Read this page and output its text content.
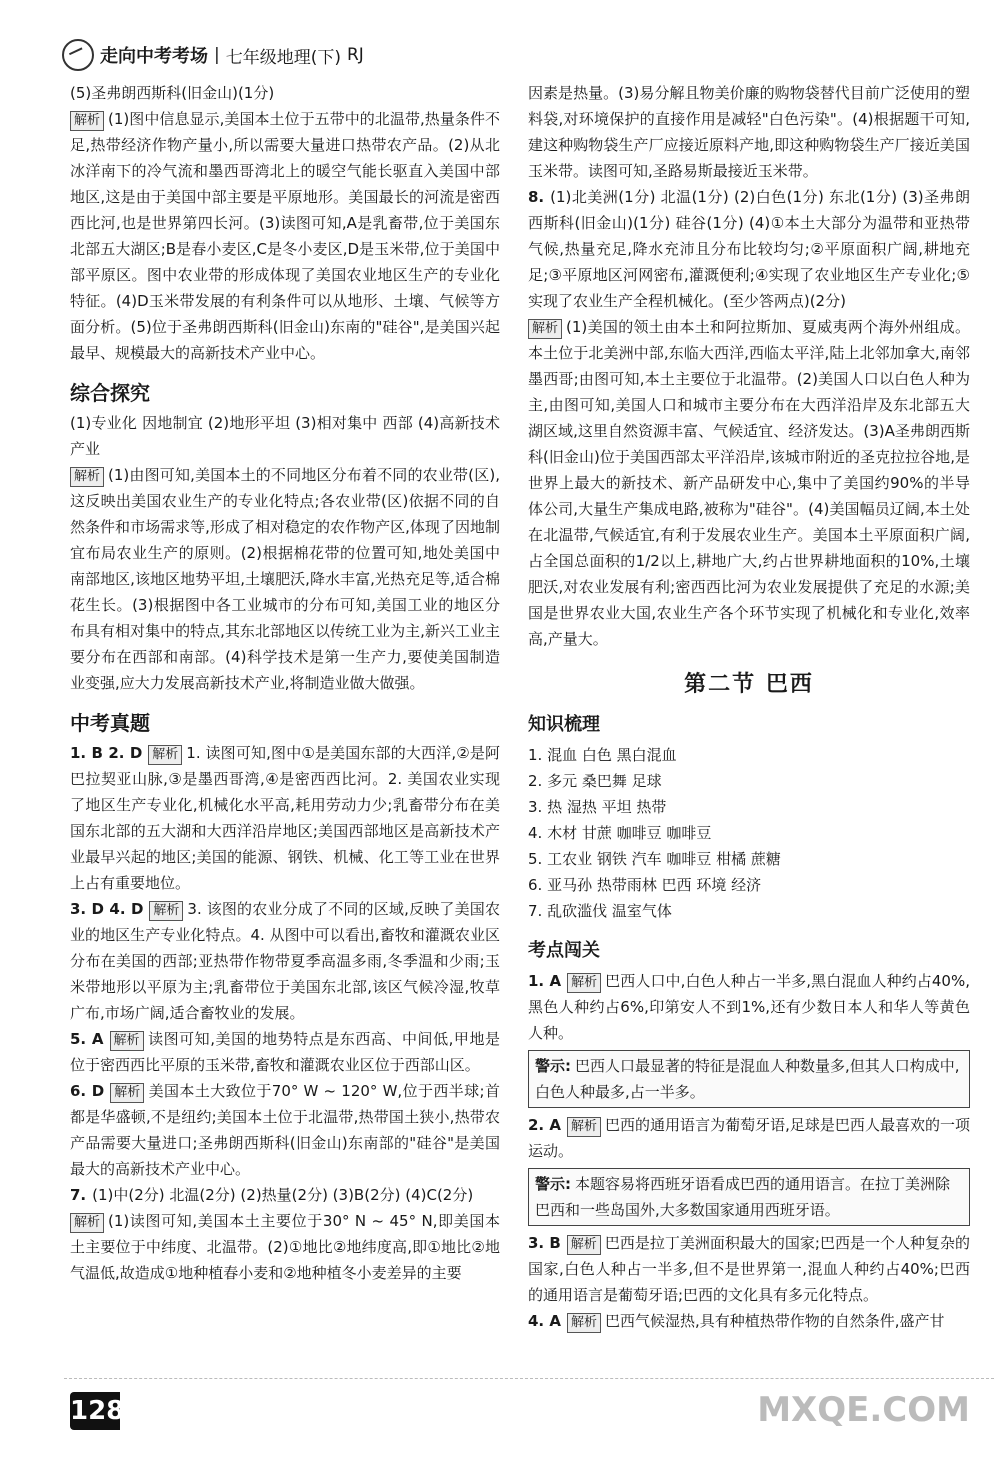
走向中考考场 | 七年级地理(下) RJ

(5)圣弗朗西斯科(旧金山)(1分)

解析 (1)图中信息显示,美国本土位于五带中的北温带,热量条件不足,热带经济作物产量小,所以需要大量进口热带农产品。(2)从北冰洋南下的冷气流和墨西哥湾北上的暖空气能长驱直入美国中部地区,这是由于美国中部主要是平原地形。美国最长的河流是密西西比河,也是世界第四长河。(3)读图可知,A是乳畜带,位于美国东北部五大湖区;B是春小麦区,C是冬小麦区,D是玉米带,位于美国中部平原区。图中农业带的形成体现了美国农业地区生产的专业化特征。(4)D玉米带发展的有利条件可以从地形、土壤、气候等方面分析。(5)位于圣弗朗西斯科(旧金山)东南的"硅谷",是美国兴起最早、规模最大的高新技术产业中心。

综合探究

(1)专业化 因地制宜 (2)地形平坦 (3)相对集中 西部 (4)高新技术产业

解析 (1)由图可知,美国本土的不同地区分布着不同的农业带(区),这反映出美国农业生产的专业化特点;各农业带(区)依据不同的自然条件和市场需求等,形成了相对稳定的农作物产区,体现了因地制宜布局农业生产的原则。(2)根据棉花带的位置可知,地处美国中南部地区,该地区地势平坦,土壤肥沃,降水丰富,光热充足等,适合棉花生长。(3)根据图中各工业城市的分布可知,美国工业的地区分布具有相对集中的特点,其东北部地区以传统工业为主,新兴工业主要分布在西部和南部。(4)科学技术是第一生产力,要使美国制造业变强,应大力发展高新技术产业,将制造业做大做强。

中考真题

1. B 2. D 解析 1. 读图可知,图中①是美国东部的大西洋,②是阿巴拉契亚山脉,③是墨西哥湾,④是密西西比河。2. 美国农业实现了地区生产专业化,机械化水平高,耗用劳动力少;乳畜带分布在美国东北部的五大湖和大西洋沿岸地区;美国西部地区是高新技术产业最早兴起的地区;美国的能源、钢铁、机械、化工等工业在世界上占有重要地位。

3. D 4. D 解析 3. 该图的农业分成了不同的区域,反映了美国农业的地区生产专业化特点。4. 从图中可以看出,畜牧和灌溉农业区分布在美国的西部;亚热带作物带夏季高温多雨,冬季温和少雨;玉米带地形以平原为主;乳畜带位于美国东北部,该区气候冷湿,牧草广布,市场广阔,适合畜牧业的发展。

5. A 解析 读图可知,美国的地势特点是东西高、中间低,甲地是位于密西西比平原的玉米带,畜牧和灌溉农业区位于西部山区。

6. D 解析 美国本土大致位于70° W ~ 120° W,位于西半球;首都是华盛顿,不是纽约;美国本土位于北温带,热带国土狭小,热带农产品需要大量进口;圣弗朗西斯科(旧金山)东南部的"硅谷"是美国最大的高新技术产业中心。

7. (1)中(2分) 北温(2分) (2)热量(2分) (3)B(2分) (4)C(2分)

解析 (1)读图可知,美国本土主要位于30° N ~ 45° N,即美国本土主要位于中纬度、北温带。(2)①地比②地纬度高,即①地比②地气温低,故造成①地种植春小麦和②地种植冬小麦差异的主要

因素是热量。(3)易分解且物美价廉的购物袋替代目前广泛使用的塑料袋,对环境保护的直接作用是减轻"白色污染"。(4)根据题干可知,建这种购物袋生产厂应接近原料产地,即这种购物袋生产厂接近美国玉米带。读图可知,圣路易斯最接近玉米带。

8. (1)北美洲(1分) 北温(1分) (2)白色(1分) 东北(1分) (3)圣弗朗西斯科(旧金山)(1分) 硅谷(1分) (4)①本土大部分为温带和亚热带气候,热量充足,降水充沛且分布比较均匀;②平原面积广阔,耕地充足;③平原地区河网密布,灌溉便利;④实现了农业地区生产专业化;⑤实现了农业生产全程机械化。(至少答两点)(2分)

解析 (1)美国的领土由本土和阿拉斯加、夏威夷两个海外州组成。本土位于北美洲中部,东临大西洋,西临太平洋,陆上北邻加拿大,南邻墨西哥;由图可知,本土主要位于北温带。(2)美国人口以白色人种为主,由图可知,美国人口和城市主要分布在大西洋沿岸及东北部五大湖区域,这里自然资源丰富、气候适宜、经济发达。(3)A圣弗朗西斯科(旧金山)位于美国西部太平洋沿岸,该城市附近的圣克拉拉谷地,是世界上最大的新技术、新产品研发中心,集中了美国约90%的半导体公司,大量生产集成电路,被称为"硅谷"。(4)美国幅员辽阔,本土处在北温带,气候适宜,有利于发展农业生产。美国本土平原面积广阔,占全国总面积的1/2以上,耕地广大,约占世界耕地面积的10%,土壤肥沃,对农业发展有利;密西西比河为农业发展提供了充足的水源;美国是世界农业大国,农业生产各个环节实现了机械化和专业化,效率高,产量大。

第二节 巴西
知识梳理

1. 混血 白色 黑白混血

2. 多元 桑巴舞 足球

3. 热 湿热 平坦 热带

4. 木材 甘蔗 咖啡豆 咖啡豆

5. 工农业 钢铁 汽车 咖啡豆 柑橘 蔗糖

6. 亚马孙 热带雨林 巴西 环境 经济

7. 乱砍滥伐 温室气体

考点闯关

1. A 解析 巴西人口中,白色人种占一半多,黑白混血人种约占40%,黑色人种约占6%,印第安人不到1%,还有少数日本人和华人等黄色人种。

警示: 巴西人口最显著的特征是混血人种数量多,但其人口构成中,白色人种最多,占一半多。

2. A 解析 巴西的通用语言为葡萄牙语,足球是巴西人最喜欢的一项运动。

警示: 本题容易将西班牙语看成巴西的通用语言。在拉丁美洲除巴西和一些岛国外,大多数国家通用西班牙语。

3. B 解析 巴西是拉丁美洲面积最大的国家;巴西是一个人种复杂的国家,白色人种占一半多,但不是世界第一,混血人种约占40%;巴西的通用语言是葡萄牙语;巴西的文化具有多元化特点。

4. A 解析 巴西气候湿热,具有种植热带作物的自然条件,盛产甘

128	MXQE.COM
